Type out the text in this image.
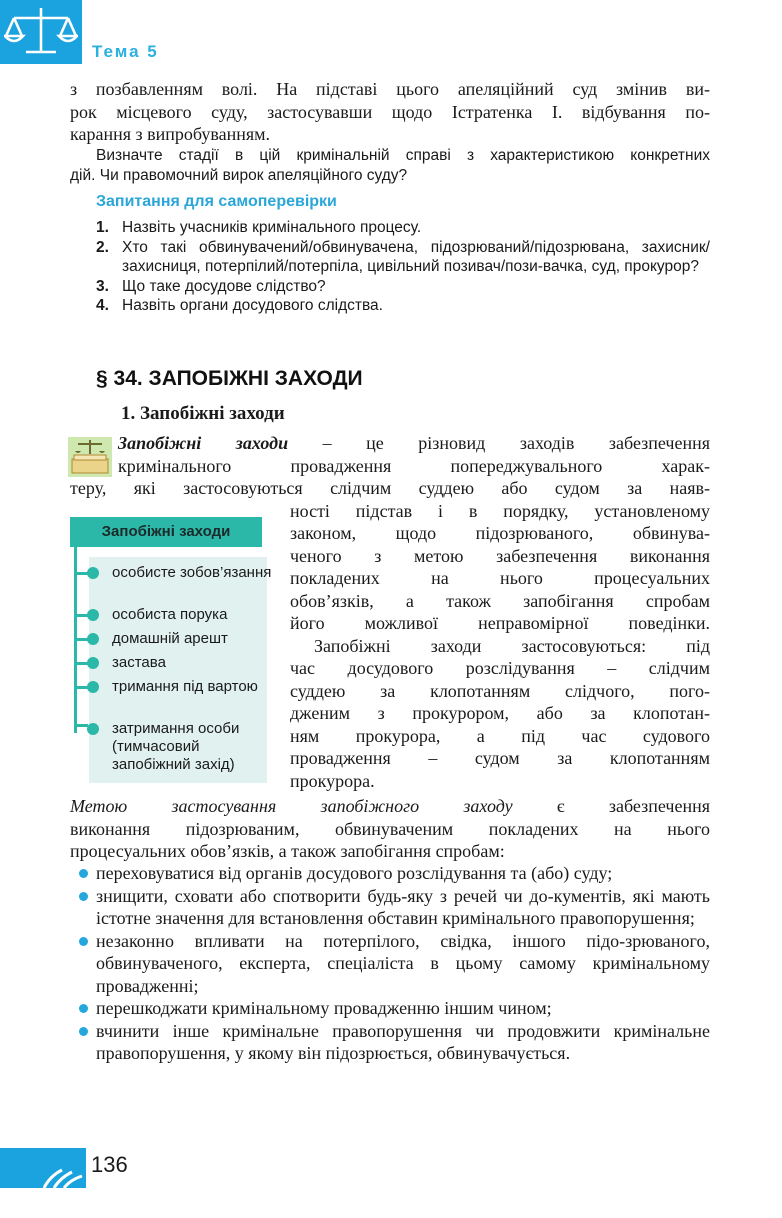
Тема 5

з позбавленням волі. На підставі цього апеляційний суд змінив ви-

рок місцевого суду, застосувавши щодо Істратенка І. відбування по-

карання з випробуванням.

Визначте стадії в цій кримінальній справі з характеристикою конкретних

дій. Чи правомочний вирок апеляційного суду?

Запитання для самоперевірки
1. Назвіть учасників кримінального процесу.
2. Хто такі обвинувачений/обвинувачена, підозрюваний/підозрювана, захисник/захисниця, потерпілий/потерпіла, цивільний позивач/пози-вачка, суд, прокурор?
3. Що таке досудове слідство?
4. Назвіть органи досудового слідства.
§ 34. ЗАПОБІЖНІ ЗАХОДИ
1. Запобіжні заходи

Запобіжні заходи – це різновид заходів забезпечення

кримінального провадження попереджувального харак-

теру, які застосовуються слідчим суддею або судом за наяв-

ності підстав і в порядку, установленому

законом, щодо підозрюваного, обвинува-

ченого з метою забезпечення виконання

покладених на нього процесуальних

обов’язків, а також запобігання спробам

його можливої неправомірної поведінки.

Запобіжні заходи застосовуються: під

час досудового розслідування – слідчим

суддею за клопотанням слідчого, пого-

дженим з прокурором, або за клопотан-

ням прокурора, а під час судового

провадження – судом за клопотанням

прокурора.

Запобіжні заходи
особисте зобов’язання
особиста порука
домашній арешт
застава
тримання під вартою
затримання особи (тимчасовий запобіжний захід)

Метою застосування запобіжного заходу є забезпечення

виконання підозрюваним, обвинуваченим покладених на нього

процесуальних обов’язків, а також запобігання спробам:

переховуватися від органів досудового розслідування та (або) суду;
знищити, сховати або спотворити будь-яку з речей чи до-кументів, які мають істотне значення для встановлення обставин кримінального правопорушення;
незаконно впливати на потерпілого, свідка, іншого підо-зрюваного, обвинуваченого, експерта, спеціаліста в цьому самому кримінальному провадженні;
перешкоджати кримінальному провадженню іншим чином;
вчинити інше кримінальне правопорушення чи продовжити кримінальне правопорушення, у якому він підозрюється, обвинувачується.
136
